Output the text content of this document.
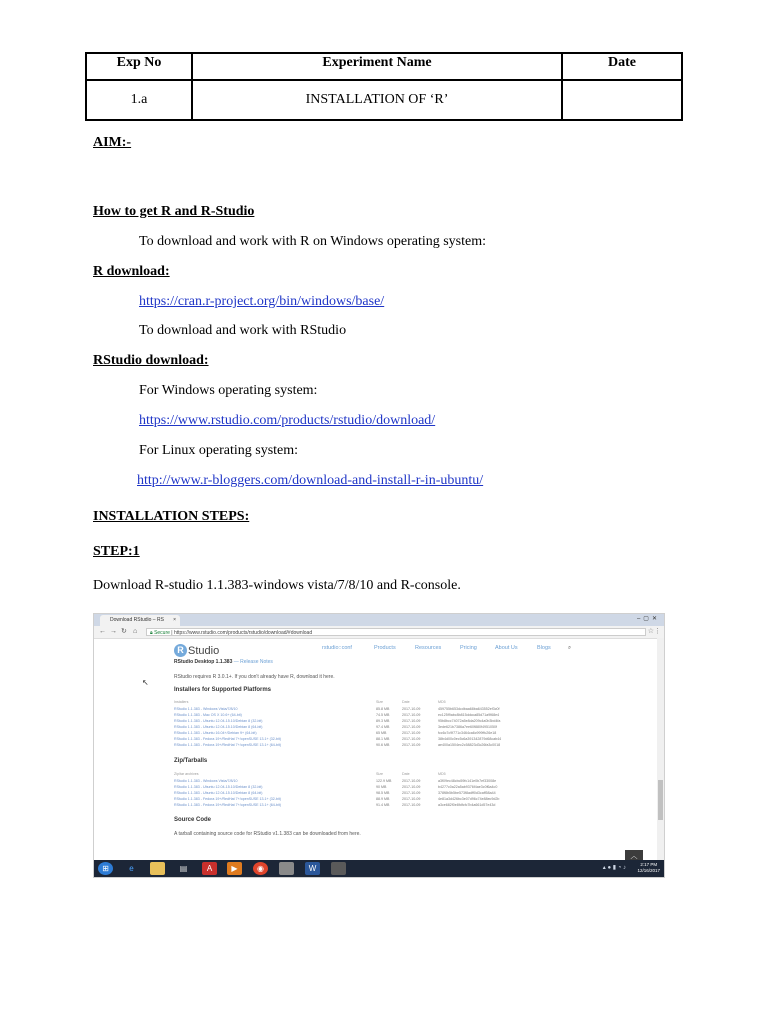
Exp No	Experiment Name	Date
1.a	INSTALLATION OF ‘R’	
AIM:-
How to get R and R-Studio
To download and work with R on Windows operating system:
R download:
https://cran.r-project.org/bin/windows/base/
To download and work with RStudio
RStudio download:
For Windows operating system:
https://www.rstudio.com/products/rstudio/download/
For Linux operating system:
http://www.r-bloggers.com/download-and-install-r-in-ubuntu/
INSTALLATION STEPS:
STEP:1
Download R-studio 1.1.383-windows vista/7/8/10 and R-console.
Download RStudio – RS ×	–▢✕
← → ↻ ⌂	🔒︎ Secure | https://www.rstudio.com/products/rstudio/download/#download	☆ ⋮
R Studio	rstudio::conf	Products	Resources	Pricing	About Us	Blogs	⌕
RStudio Desktop 1.1.383 — Release Notes
RStudio requires R 3.0.1+. If you don't already have R, download it here.
↖
Installers for Supported Platforms
Installers	Size	Date	MD5
RStudio 1.1.383 - Windows Vista/7/8/10	85.8 MB	2017-10-09	459755b653dcdbaa68ba643552ef3c0f
RStudio 1.1.383 - Mac OS X 10.6+ (64-bit)	74.5 MB	2017-10-09	ec125f9abc8b815ddcca85d71a9f68e4
RStudio 1.1.383 - Ubuntu 12.04-15.10/Debian 8 (32-bit)	89.3 MB	2017-10-09	95b8bcc74072a5e8da209c4a0b3bd4fa
RStudio 1.1.383 - Ubuntu 12.04-15.10/Debian 8 (64-bit)	97.4 MB	2017-10-09	3ede621b7386a7ee60f880f4951050f
RStudio 1.1.383 - Ubuntu 16.04+/Debian 9+ (64-bit)	65 MB	2017-10-09	fcc6c7c9f771c3464ca6c999ffc26e18
RStudio 1.1.383 - Fedora 19+/RedHat 7+/openSUSE 13.1+ (32-bit)	88.1 MB	2017-10-09	38b4d00c0ec5c6a391342879d68cab44
RStudio 1.1.383 - Fedora 19+/RedHat 7+/openSUSE 13.1+ (64-bit)	90.6 MB	2017-10-09	ae400a1504ec2c58823d3c26fa3c0018
Zip/Tarballs
Zip/tar archives	Size	Date	MD5
RStudio 1.1.383 - Windows Vista/7/8/10	122.9 MB	2017-10-09	a3f09ec48cbc59fc141e0b7ef33008e
RStudio 1.1.383 - Ubuntu 12.04-15.10/Debian 8 (32-bit)	90 MB	2017-10-09	b4277c0a22a5ab9376f4ae3c0f6a4c0
RStudio 1.1.383 - Ubuntu 12.04-15.10/Debian 8 (64-bit)	98.5 MB	2017-10-09	378f8b5b5be573f8adff0d3caff58a44
RStudio 1.1.383 - Fedora 19+/RedHat 7+/openSUSE 13.1+ (32-bit)	88.9 MB	2017-10-09	4e81a3d426bc3e07d96c74e88ec9d2b
RStudio 1.1.383 - Fedora 19+/RedHat 7+/openSUSE 13.1+ (64-bit)	91.4 MB	2017-10-09	a3ce682f0e8fdfcfc7b4a661d57e43d
Source Code
A tarball containing source code for RStudio v1.1.383 can be downloaded from here.
︿
⊞	e	▤	A	▶	◉	W	▴ ● ▮ ◔ ♪
2:17 PM
12/16/2017
